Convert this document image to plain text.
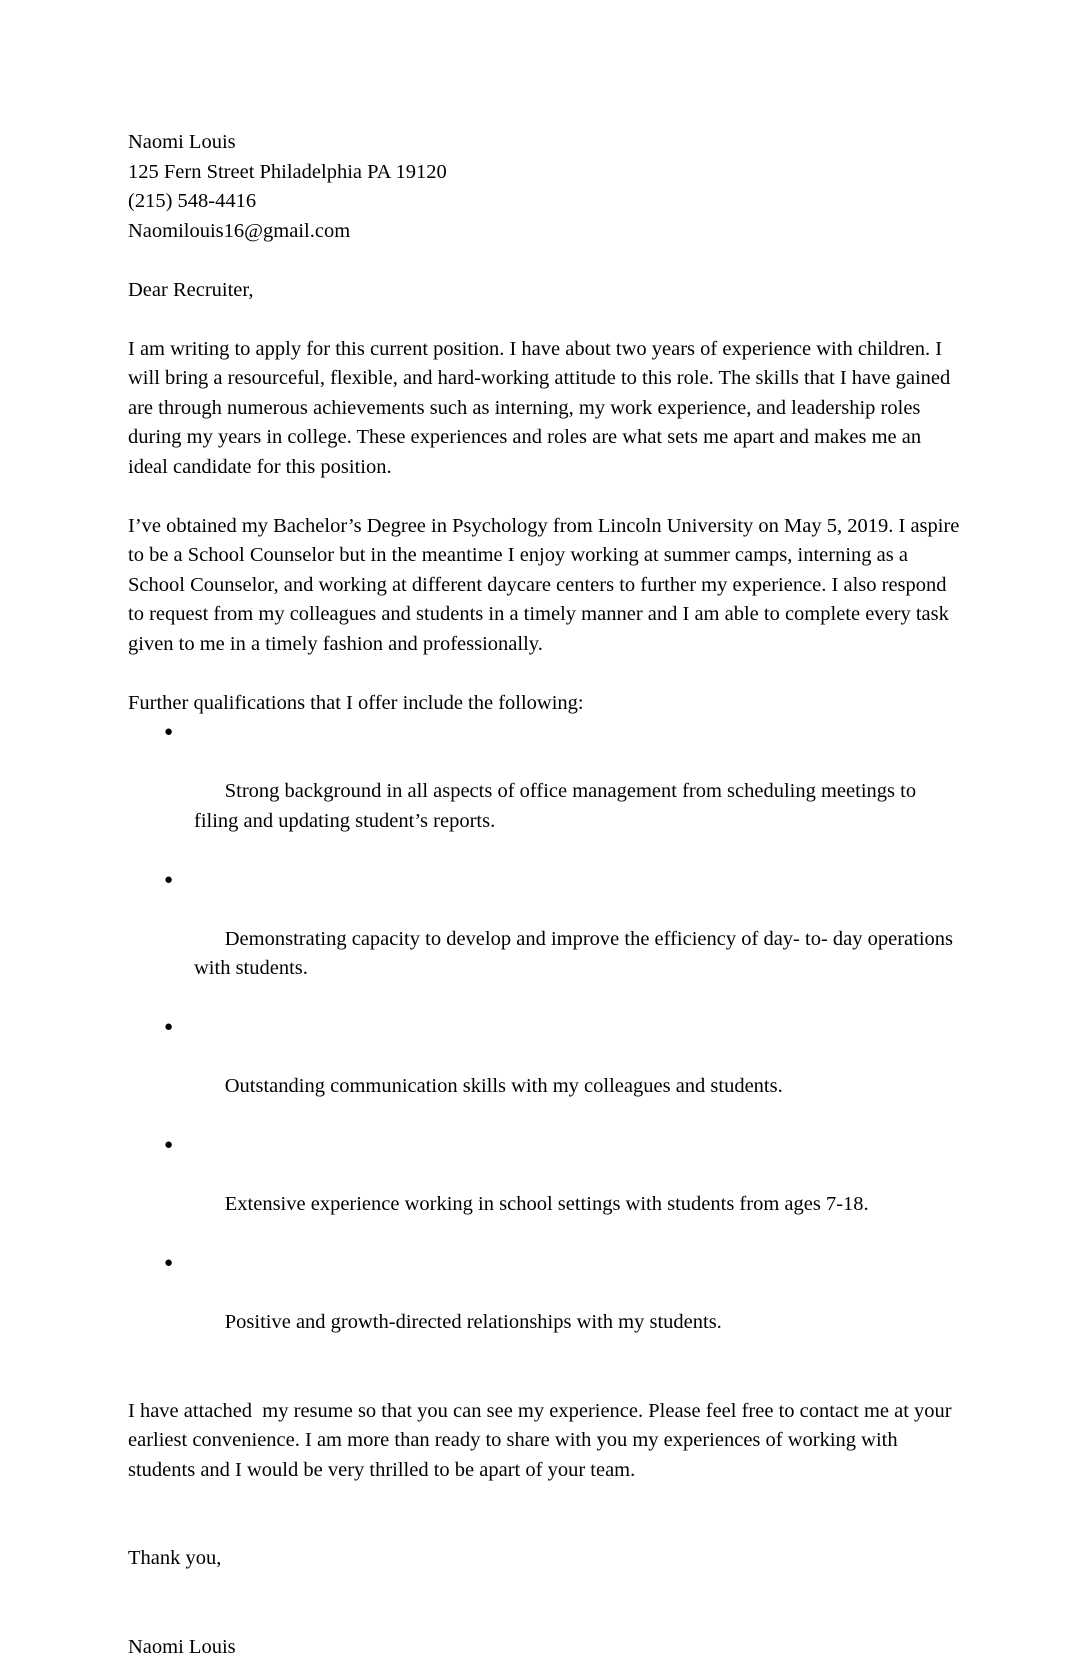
Naomi Louis

125 Fern Street Philadelphia PA 19120

(215) 548-4416

Naomilouis16@gmail.com

Dear Recruiter,

I am writing to apply for this current position. I have about two years of experience with children. I will bring a resourceful, flexible, and hard-working attitude to this role. The skills that I have gained are through numerous achievements such as interning, my work experience, and leadership roles during my years in college. These experiences and roles are what sets me apart and makes me an ideal candidate for this position.

I’ve obtained my Bachelor’s Degree in Psychology from Lincoln University on May 5, 2019. I aspire to be a School Counselor but in the meantime I enjoy working at summer camps, interning as a School Counselor, and working at different daycare centers to further my experience. I also respond to request from my colleagues and students in a timely manner and I am able to complete every task given to me in a timely fashion and professionally.

Further qualifications that I offer include the following:

●

Strong background in all aspects of office management from scheduling meetings to filing and updating student’s reports.

●

Demonstrating capacity to develop and improve the efficiency of day- to- day operations with students.

●

Outstanding communication skills with my colleagues and students.

●

Extensive experience working in school settings with students from ages 7-18.

●

Positive and growth-directed relationships with my students.

I have attached  my resume so that you can see my experience. Please feel free to contact me at your earliest convenience. I am more than ready to share with you my experiences of working with students and I would be very thrilled to be apart of your team.

Thank you,

Naomi Louis
